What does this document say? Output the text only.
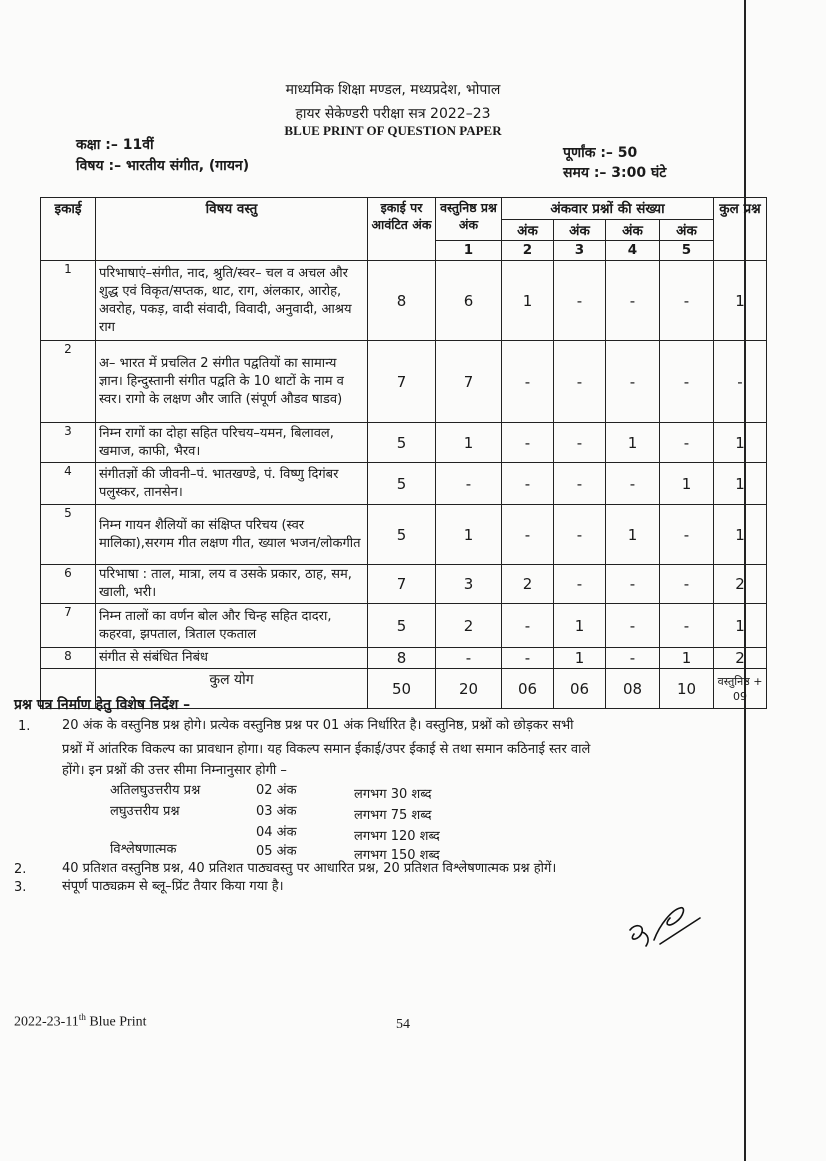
माध्यमिक शिक्षा मण्डल, मध्यप्रदेश, भोपाल
हायर सेकेण्डरी परीक्षा सत्र 2022–23
BLUE PRINT OF QUESTION PAPER
कक्षा :– 11वीं
विषय :– भारतीय संगीत, (गायन)
पूर्णांक :– 50
समय :– 3:00 घंटे
इकाई	विषय वस्तु	इकाई पर आवंटित अंक	वस्तुनिष्ठ प्रश्न अंक	अंकवार प्रश्नों की संख्या				कुल प्रश्न
				अंक	अंक	अंक	अंक	
			1	2	3	4	5	
1	परिभाषाएं–संगीत, नाद, श्रुति/स्वर– चल व अचल और शुद्ध एवं विकृत/सप्तक, थाट, राग, अंलकार, आरोह, अवरोह, पकड़, वादी संवादी, विवादी, अनुवादी, आश्रय राग	8	6	1	-	-	-	1
2	अ– भारत में प्रचलित 2 संगीत पद्वतियों का सामान्य ज्ञान। हिन्दुस्तानी संगीत पद्वति के 10 थाटों के नाम व स्वर। रागो के लक्षण और जाति (संपूर्ण औडव षाडव)	7	7	-	-	-	-	-
3	निम्न रागों का दोहा सहित परिचय–यमन, बिलावल, खमाज, काफी, भैरव।	5	1	-	-	1	-	1
4	संगीतज्ञों की जीवनी–पं. भातखण्डे, पं. विष्णु दिगंबर पलुस्कर, तानसेन।	5	-	-	-	-	1	1
5	निम्न गायन शैलियों का संक्षिप्त परिचय (स्वर मालिका),सरगम गीत लक्षण गीत, ख्याल भजन/लोकगीत	5	1	-	-	1	-	1
6	परिभाषा : ताल, मात्रा, लय व उसके प्रकार, ठाह, सम, खाली, भरी।	7	3	2	-	-	-	2
7	निम्न तालों का वर्णन बोल और चिन्ह सहित दादरा, कहरवा, झपताल, त्रिताल एकताल	5	2	-	1	-	-	1
8	संगीत से संबंधित निबंध	8	-	-	1	-	1	2
	कुल योग	50	20	06	06	08	10	वस्तुनिष्ठ + 09
प्रश्न पत्र निर्माण हेतु विशेष निर्देश –
1. 20 अंक के वस्तुनिष्ठ प्रश्न होगे। प्रत्येक वस्तुनिष्ठ प्रश्न पर 01 अंक निर्धारित है। वस्तुनिष्ठ, प्रश्नों को छोड़कर सभी
प्रश्नों में आंतरिक विकल्प का प्रावधान होगा। यह विकल्प समान ईकाई/उपर ईकाई से तथा समान कठिनाई स्तर वाले
होंगे। इन प्रश्नों की उत्तर सीमा निम्नानुसार होगी –
अतिलघुउत्तरीय प्रश्न	02 अंक	लगभग 30 शब्द
लघुउत्तरीय प्रश्न	03 अंक	लगभग 75 शब्द
04 अंक	लगभग 120 शब्द
विश्लेषणात्मक	05 अंक	लगभग 150 शब्द
2.	40 प्रतिशत वस्तुनिष्ठ प्रश्न, 40 प्रतिशत पाठ्यवस्तु पर आधारित प्रश्न, 20 प्रतिशत विश्लेषणात्मक प्रश्न होगें।
3.	संपूर्ण पाठ्यक्रम से ब्लू–प्रिंट तैयार किया गया है।
2022-23-11th Blue Print	54
